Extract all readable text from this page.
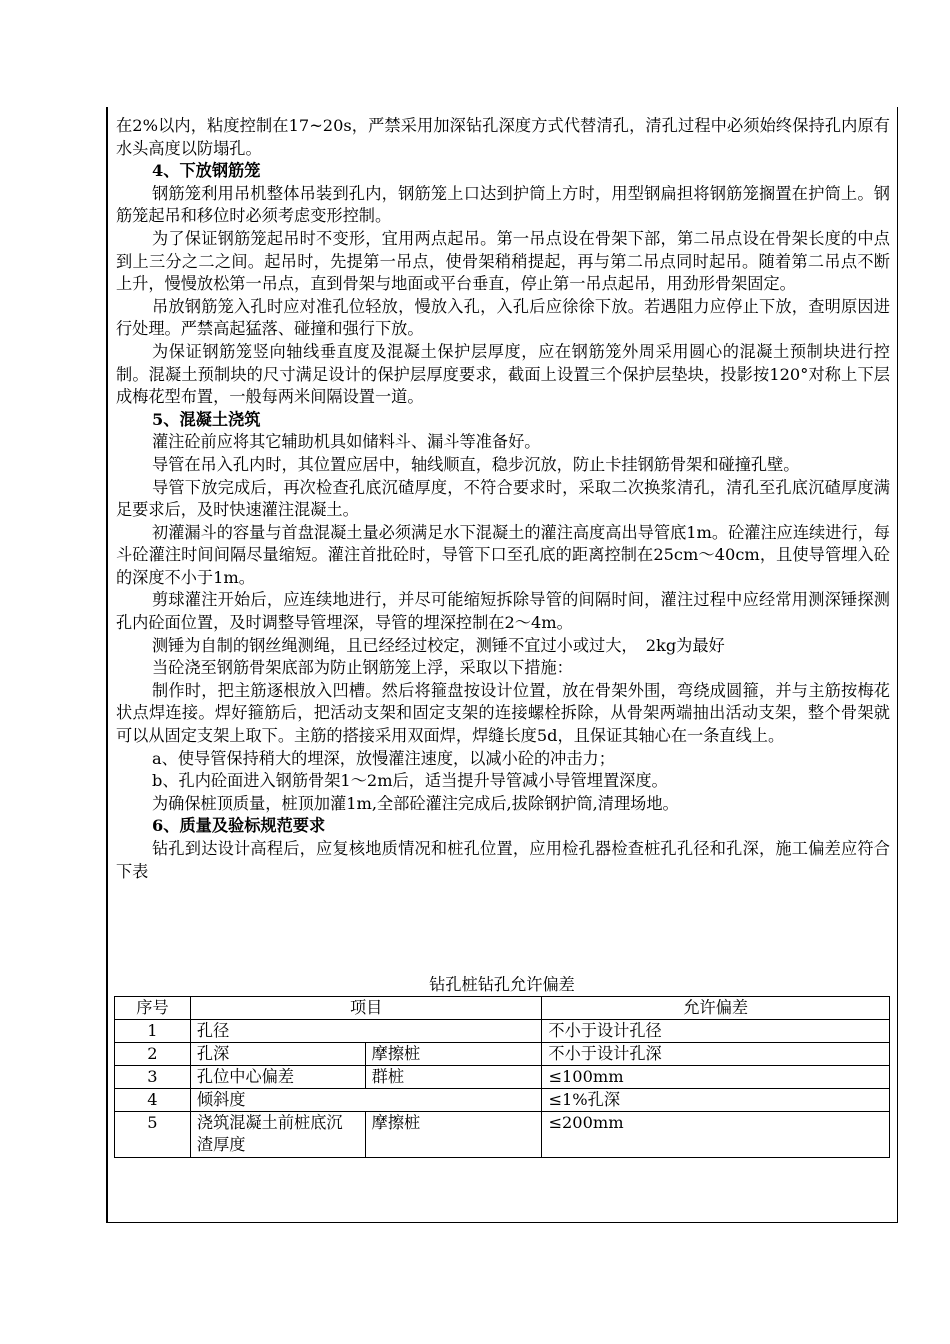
在2%以内，粘度控制在17~20s，严禁采用加深钻孔深度方式代替清孔，清孔过程中必须始终保持孔内原有水头高度以防塌孔。

4、下放钢筋笼

钢筋笼利用吊机整体吊装到孔内，钢筋笼上口达到护筒上方时，用型钢扁担将钢筋笼搁置在护筒上。钢筋笼起吊和移位时必须考虑变形控制。

为了保证钢筋笼起吊时不变形，宜用两点起吊。第一吊点设在骨架下部，第二吊点设在骨架长度的中点到上三分之二之间。起吊时，先提第一吊点，使骨架稍稍提起，再与第二吊点同时起吊。随着第二吊点不断上升，慢慢放松第一吊点，直到骨架与地面或平台垂直，停止第一吊点起吊，用劲形骨架固定。

吊放钢筋笼入孔时应对准孔位轻放，慢放入孔，入孔后应徐徐下放。若遇阻力应停止下放，查明原因进行处理。严禁高起猛落、碰撞和强行下放。

为保证钢筋笼竖向轴线垂直度及混凝土保护层厚度，应在钢筋笼外周采用圆心的混凝土预制块进行控制。混凝土预制块的尺寸满足设计的保护层厚度要求，截面上设置三个保护层垫块，投影按120°对称上下层成梅花型布置，一般每两米间隔设置一道。

5、混凝土浇筑

灌注砼前应将其它辅助机具如储料斗、漏斗等准备好。

导管在吊入孔内时，其位置应居中，轴线顺直，稳步沉放，防止卡挂钢筋骨架和碰撞孔壁。

导管下放完成后，再次检查孔底沉碴厚度，不符合要求时，采取二次换浆清孔，清孔至孔底沉碴厚度满足要求后，及时快速灌注混凝土。

初灌漏斗的容量与首盘混凝土量必须满足水下混凝土的灌注高度高出导管底1m。砼灌注应连续进行，每斗砼灌注时间间隔尽量缩短。灌注首批砼时，导管下口至孔底的距离控制在25cm～40cm，且使导管埋入砼的深度不小于1m。

剪球灌注开始后，应连续地进行，并尽可能缩短拆除导管的间隔时间，灌注过程中应经常用测深锤探测孔内砼面位置，及时调整导管埋深，导管的埋深控制在2～4m。

测锤为自制的钢丝绳测绳，且已经经过校定，测锤不宜过小或过大，　2kg为最好

当砼浇至钢筋骨架底部为防止钢筋笼上浮，采取以下措施：

制作时，把主筋逐根放入凹槽。然后将箍盘按设计位置，放在骨架外围，弯绕成圆箍，并与主筋按梅花状点焊连接。焊好箍筋后，把活动支架和固定支架的连接螺栓拆除，从骨架两端抽出活动支架，整个骨架就可以从固定支架上取下。主筋的搭接采用双面焊，焊缝长度5d，且保证其轴心在一条直线上。

a、使导管保持稍大的埋深，放慢灌注速度，以减小砼的冲击力；

b、孔内砼面进入钢筋骨架1～2m后，适当提升导管减小导管埋置深度。

为确保桩顶质量，桩顶加灌1m,全部砼灌注完成后,拔除钢护筒,清理场地。

6、质量及验标规范要求

钻孔到达设计高程后，应复核地质情况和桩孔位置，应用检孔器检查桩孔孔径和孔深，施工偏差应符合下表

钻孔桩钻孔允许偏差
序号	项目		允许偏差
1	孔径		不小于设计孔径
2	孔深	摩擦桩	不小于设计孔深
3	孔位中心偏差	群桩	≤100mm
4	倾斜度		≤1%孔深
5	浇筑混凝土前桩底沉渣厚度	摩擦桩	≤200mm
